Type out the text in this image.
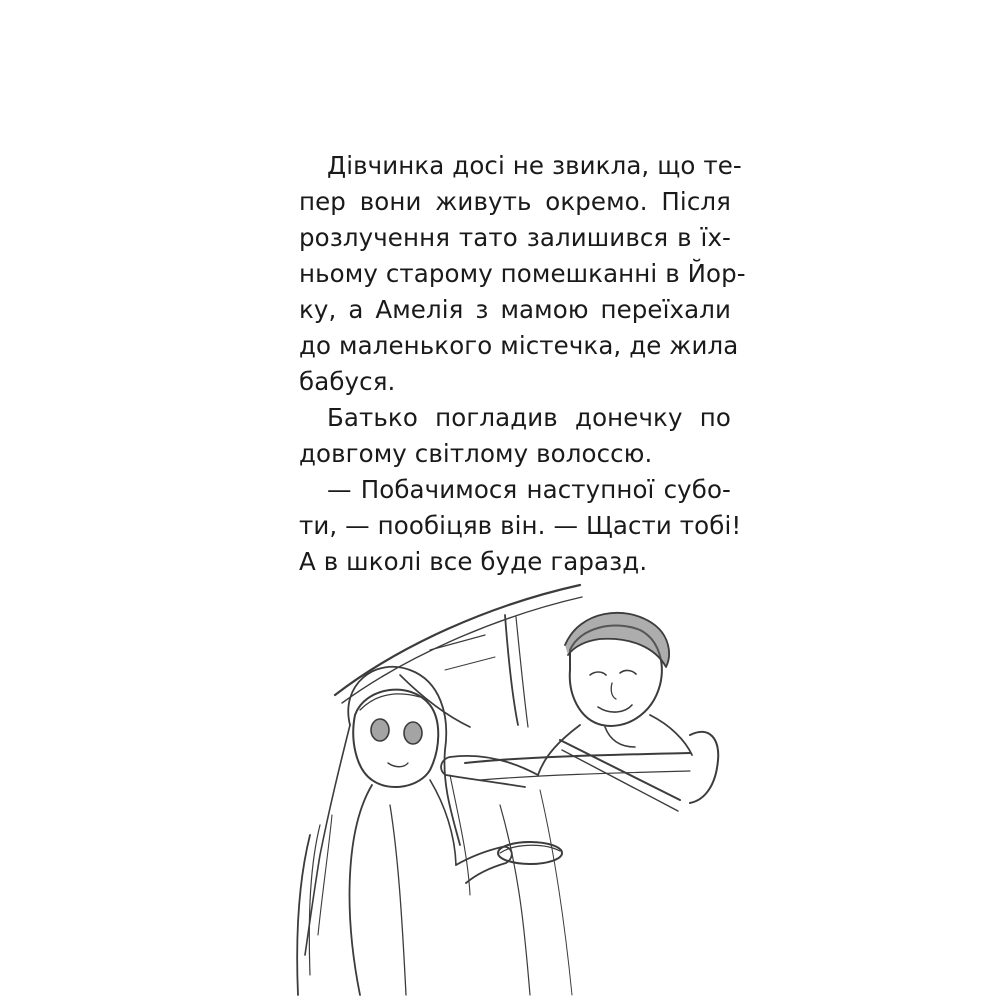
Дівчинка досі не звикла, що те-
пер вони живуть окремо. Після
розлучення тато залишився в їх-
ньому старому помешканні в Йор-
ку, а Амелія з мамою переїхали
до маленького містечка, де жила
бабуся.
Батько погладив донечку по
довгому світлому волоссю.
— Побачимося наступної субо-
ти, — пообіцяв він. — Щасти тобі!
А в школі все буде гаразд.
